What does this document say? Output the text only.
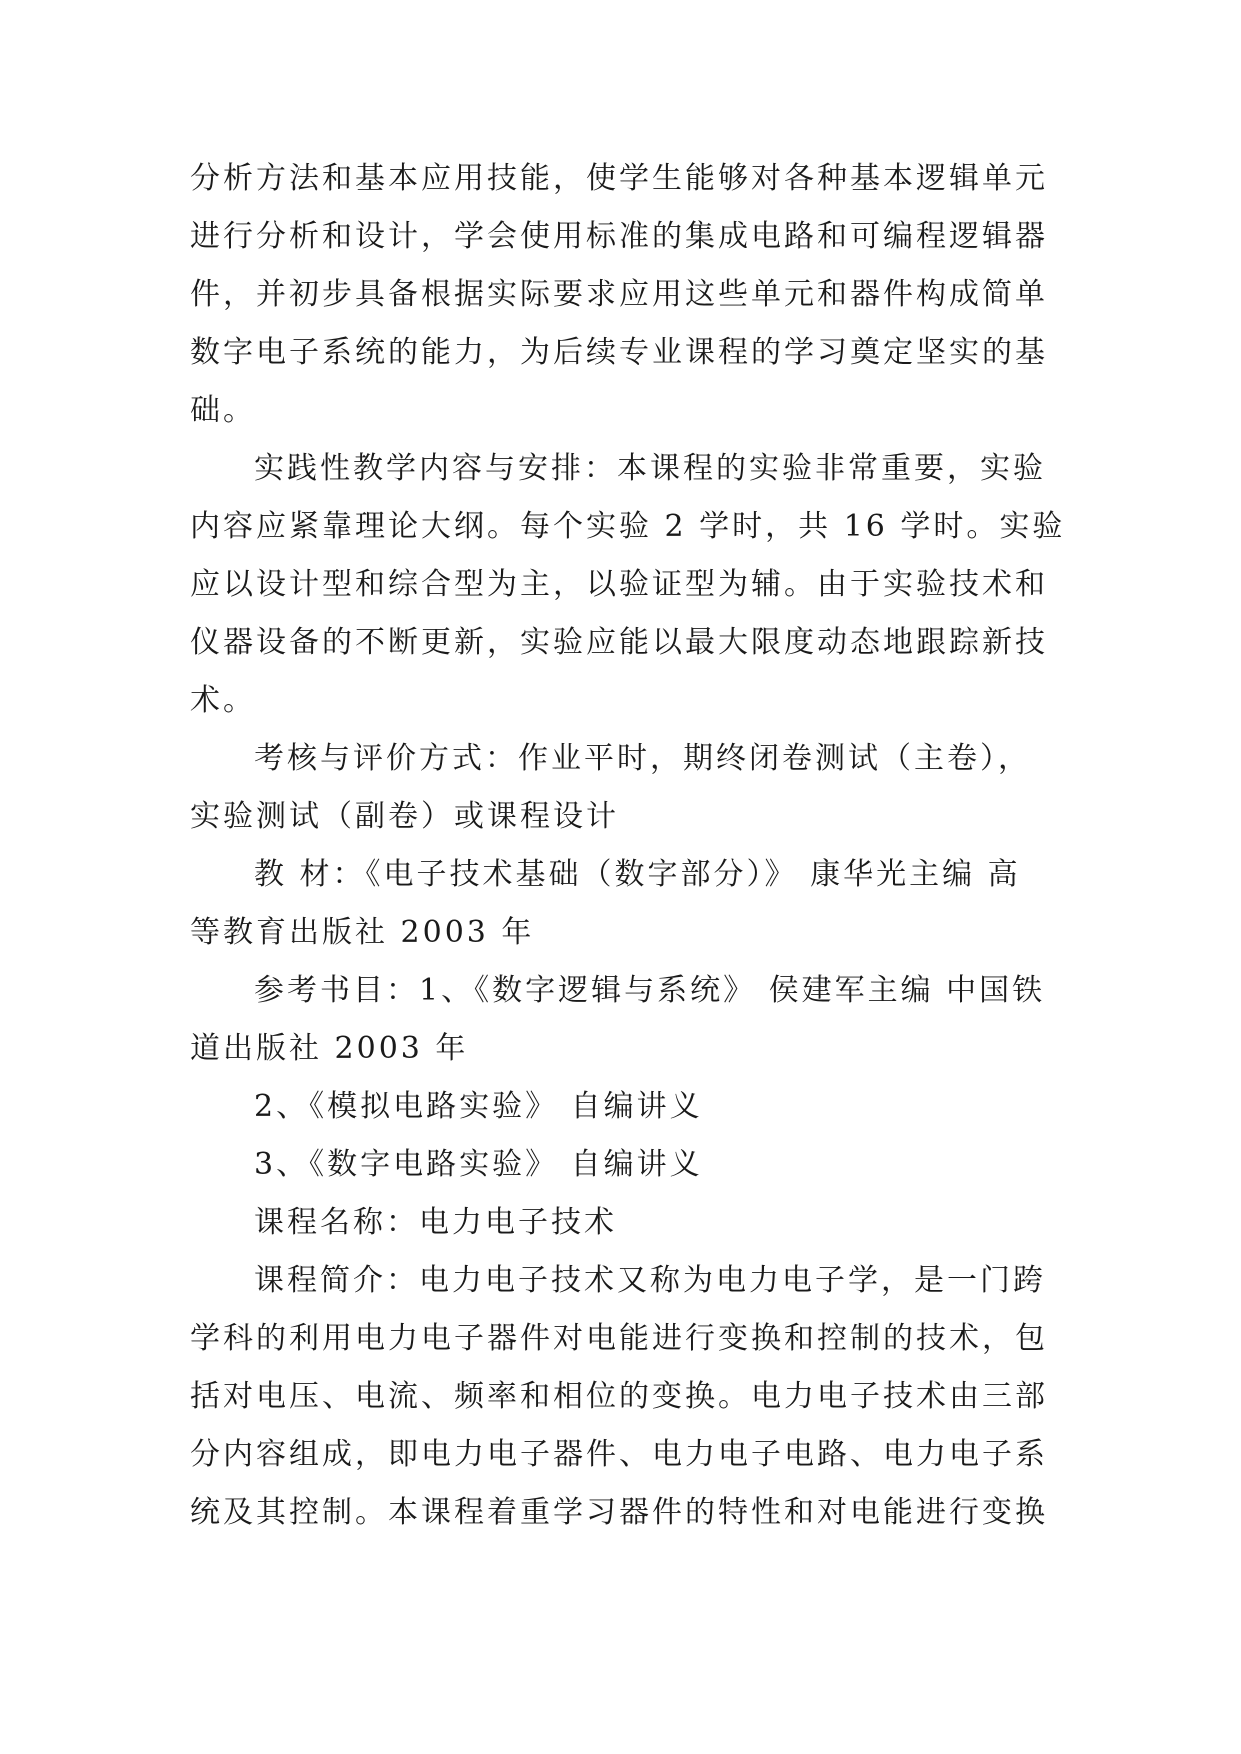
分析方法和基本应用技能，使学生能够对各种基本逻辑单元
进行分析和设计，学会使用标准的集成电路和可编程逻辑器
件，并初步具备根据实际要求应用这些单元和器件构成简单
数字电子系统的能力，为后续专业课程的学习奠定坚实的基
础。
实践性教学内容与安排：本课程的实验非常重要，实验
内容应紧靠理论大纲。每个实验 2 学时，共 16 学时。实验
应以设计型和综合型为主，以验证型为辅。由于实验技术和
仪器设备的不断更新，实验应能以最大限度动态地跟踪新技
术。
考核与评价方式：作业平时，期终闭卷测试（主卷），
实验测试（副卷）或课程设计
教 材：《电子技术基础（数字部分）》 康华光主编 高
等教育出版社 2003 年
参考书目：1、《数字逻辑与系统》 侯建军主编 中国铁
道出版社 2003 年
2、《模拟电路实验》 自编讲义
3、《数字电路实验》 自编讲义
课程名称：电力电子技术
课程简介：电力电子技术又称为电力电子学，是一门跨
学科的利用电力电子器件对电能进行变换和控制的技术，包
括对电压、电流、频率和相位的变换。电力电子技术由三部
分内容组成，即电力电子器件、电力电子电路、电力电子系
统及其控制。本课程着重学习器件的特性和对电能进行变换
